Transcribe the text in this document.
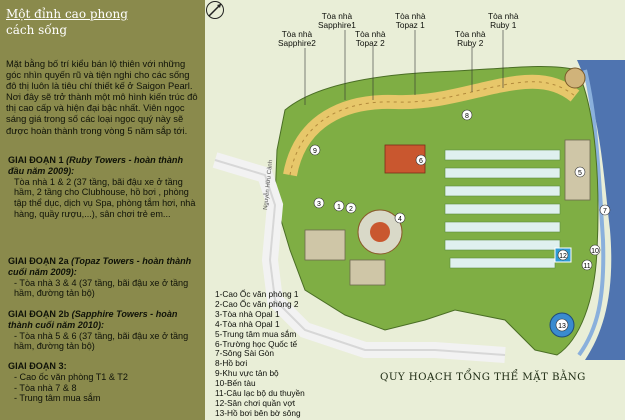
Một đỉnh cao phong
cách sống
Mặt bằng bố trí kiểu bán lộ thiên với những góc nhìn quyến rũ và tiện nghi cho các sống đô thị luôn là tiêu chí thiết kế ở Saigon Pearl. Nơi đây sẽ trở thành một mô hình kiến trúc đô thị cao cấp và hiện đại bậc nhất. Viên ngọc sáng giá trong số các loại ngọc quý này sẽ được hoàn thành trong vòng 5 năm sắp tới.
GIAI ĐOẠN 1 (Ruby Towers - hoàn thành đầu năm 2009):
Tòa nhà 1 & 2 (37 tầng, bãi đậu xe ở tầng hầm, 2 tầng cho Clubhouse, hồ bơi , phòng tập thể dục, dịch vụ Spa, phòng tắm hơi, nhà hàng, quầy rượu,...), sân chơi trẻ em...
GIAI ĐOẠN 2a (Topaz Towers - hoàn thành cuối năm 2009):
- Tòa nhà 3 & 4 (37 tầng, bãi đậu xe ở tầng hầm, đường tản bộ)
GIAI ĐOẠN 2b (Sapphire Towers - hoàn thành cuối năm 2010):
- Tòa nhà 5 & 6 (37 tầng, bãi đậu xe ở tầng hầm, đường tản bộ)
GIAI ĐOẠN 3:
- Cao ốc văn phòng T1 & T2
- Tòa nhà 7 & 8
- Trung tâm mua sắm
1 2
3
4
5
6
7
8
9
10
11
12
13
Nguyễn Hữu Cảnh
Tòa nhà
Sapphire2
Tòa nhà
Sapphire1
Tòa nhà
Topaz 2
Tòa nhà
Topaz 1
Tòa nhà
Ruby 2
Tòa nhà
Ruby 1
1-Cao Ốc văn phòng 1
2-Cao Ốc văn phòng 2
3-Tòa nhà Opal 1
4-Tòa nhà Opal 1
5-Trung tâm mua sắm
6-Trường học Quốc tế
7-Sông Sài Gòn
8-Hồ bơi
9-Khu vực tản bộ
10-Bến tàu
11-Câu lạc bộ du thuyền
12-Sân chơi quần vợt
13-Hồ bơi bên bờ sông
QUY HOẠCH TỔNG THỂ MẶT BẰNG
